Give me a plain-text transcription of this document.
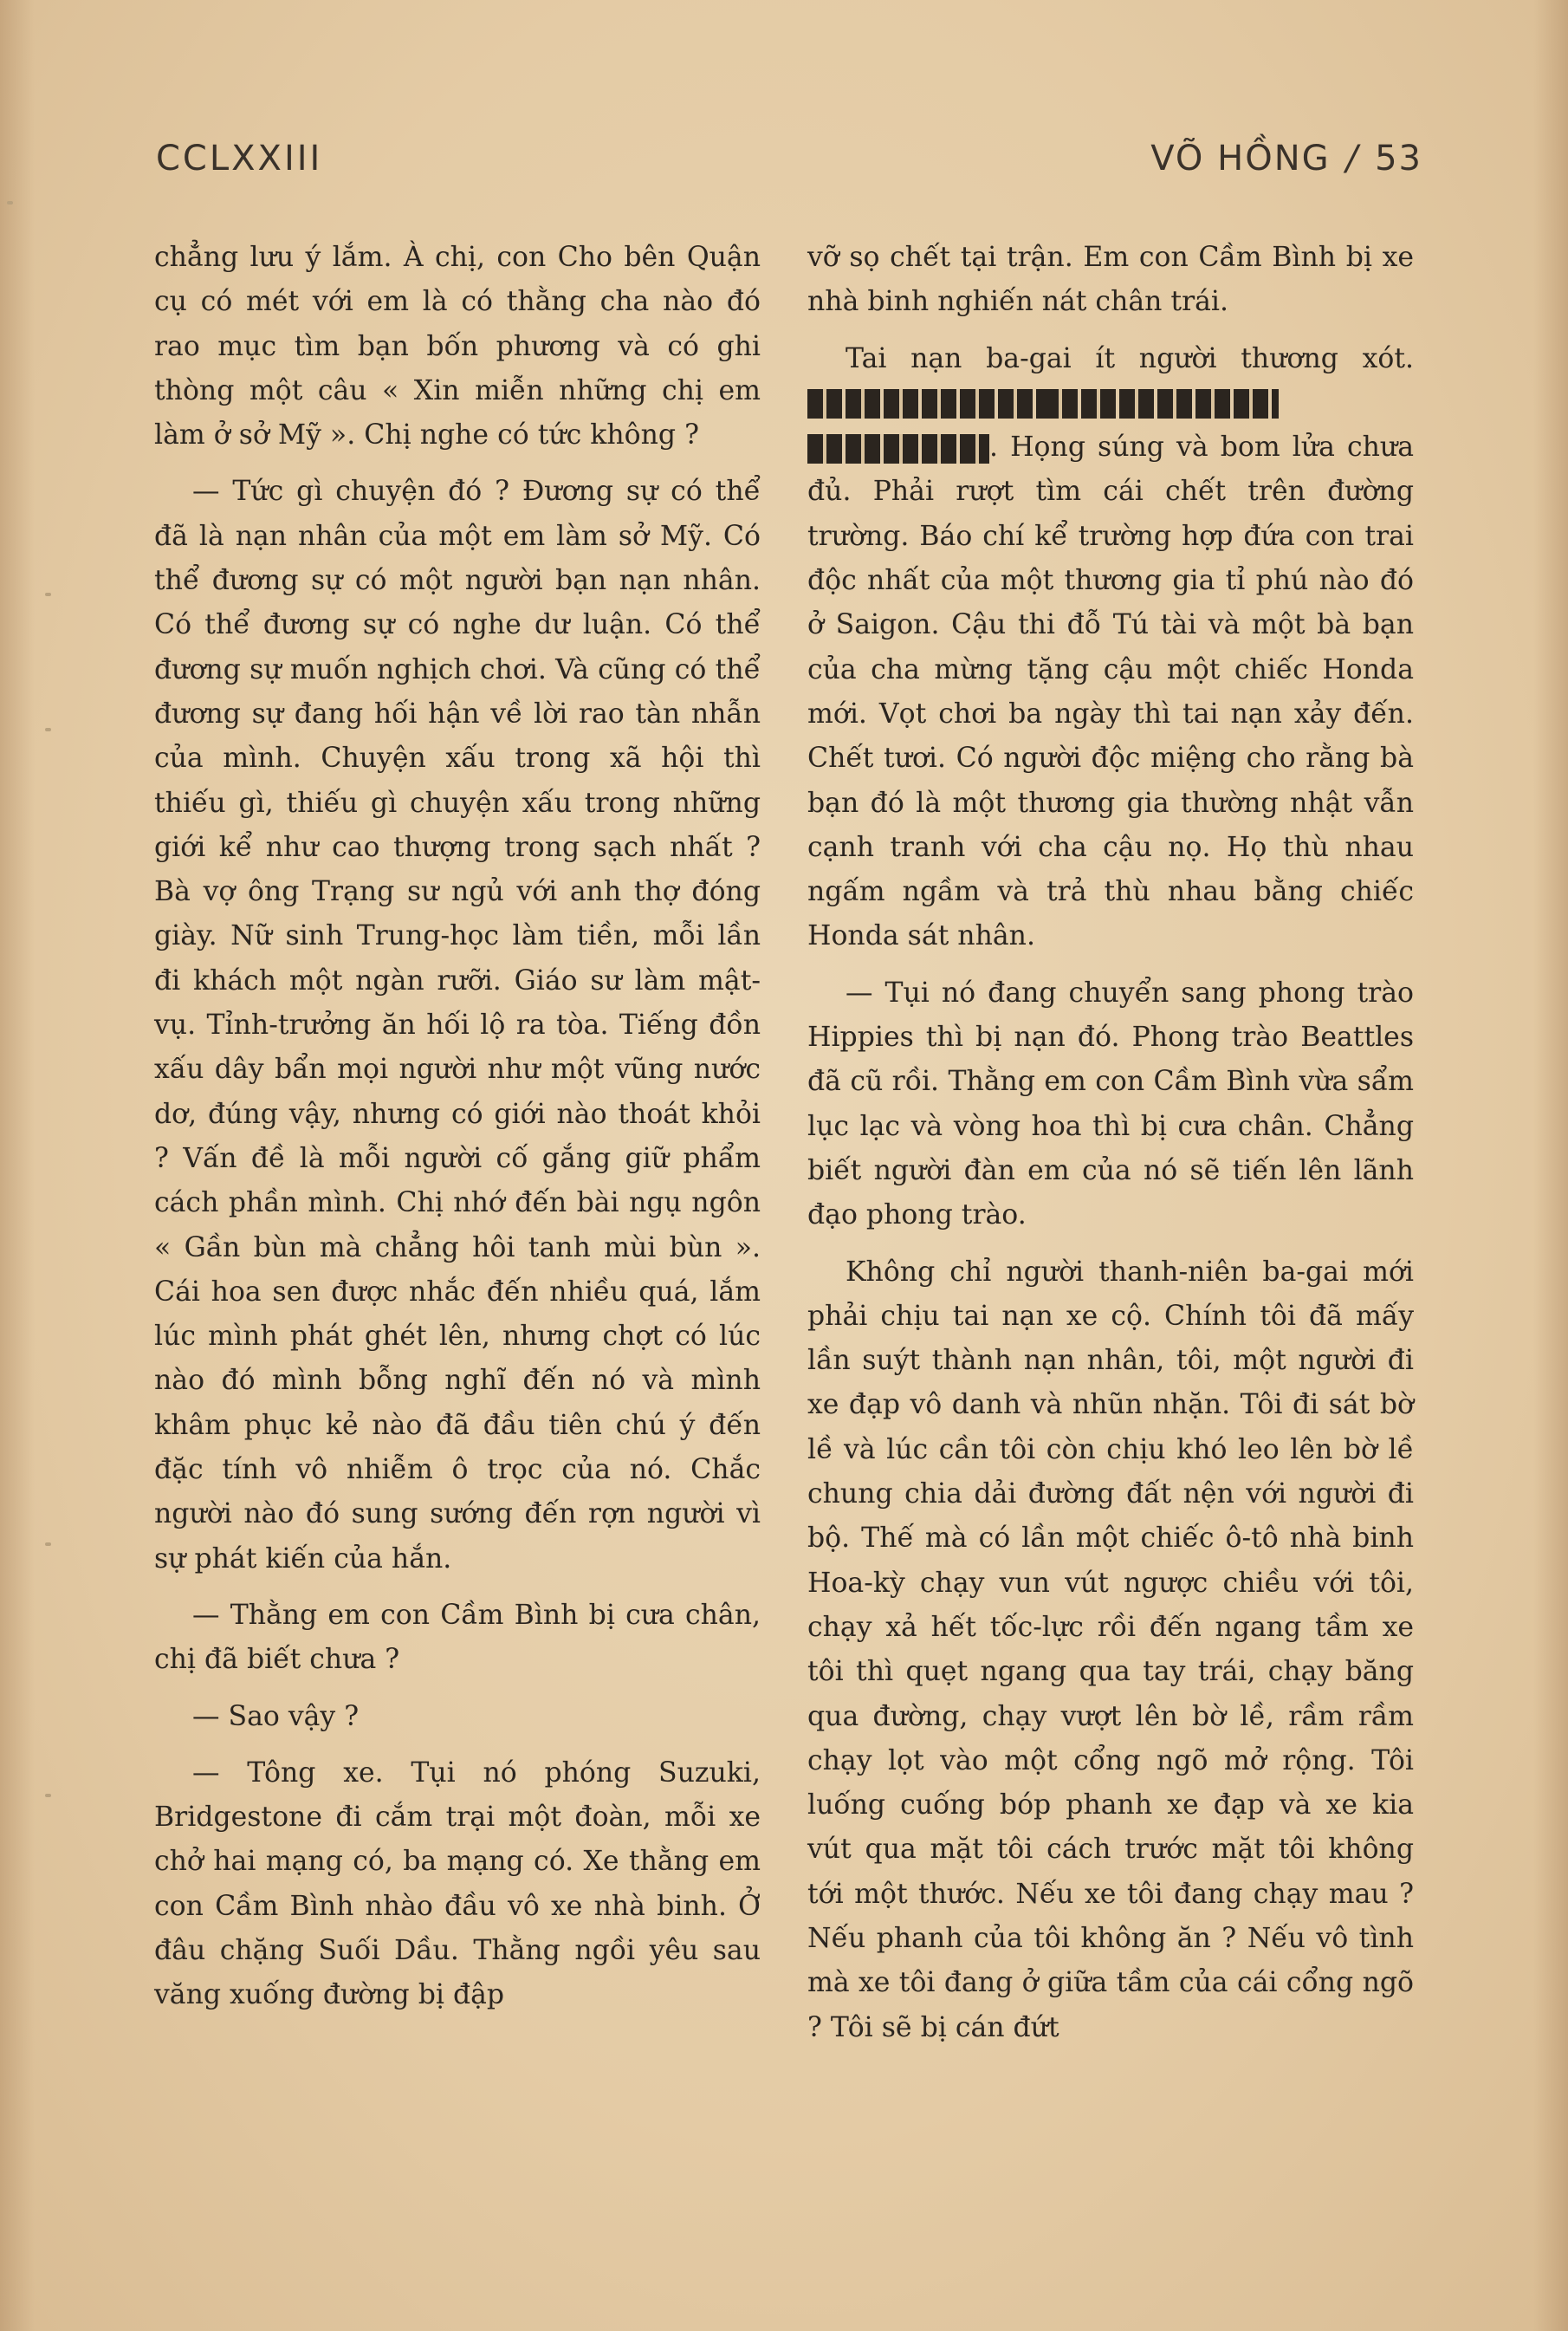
CCLXXIII	VÕ HỒNG / 53

chẳng lưu ý lắm. À chị, con Cho bên Quận cụ có mét với em là có thằng cha nào đó rao mục tìm bạn bốn phương và có ghi thòng một câu « Xin miễn những chị em làm ở sở Mỹ ». Chị nghe có tức không ?

— Tức gì chuyện đó ? Đương sự có thể đã là nạn nhân của một em làm sở Mỹ. Có thể đương sự có một người bạn nạn nhân. Có thể đương sự có nghe dư luận. Có thể đương sự muốn nghịch chơi. Và cũng có thể đương sự đang hối hận về lời rao tàn nhẫn của mình. Chuyện xấu trong xã hội thì thiếu gì, thiếu gì chuyện xấu trong những giới kể như cao thượng trong sạch nhất ? Bà vợ ông Trạng sư ngủ với anh thợ đóng giày. Nữ sinh Trung-học làm tiền, mỗi lần đi khách một ngàn rưỡi. Giáo sư làm mật-vụ. Tỉnh-trưởng ăn hối lộ ra tòa. Tiếng đồn xấu dây bẩn mọi người như một vũng nước dơ, đúng vậy, nhưng có giới nào thoát khỏi ? Vấn đề là mỗi người cố gắng giữ phẩm cách phần mình. Chị nhớ đến bài ngụ ngôn « Gần bùn mà chẳng hôi tanh mùi bùn ». Cái hoa sen được nhắc đến nhiều quá, lắm lúc mình phát ghét lên, nhưng chợt có lúc nào đó mình bỗng nghĩ đến nó và mình khâm phục kẻ nào đã đầu tiên chú ý đến đặc tính vô nhiễm ô trọc của nó. Chắc người nào đó sung sướng đến rợn người vì sự phát kiến của hắn.

— Thằng em con Cầm Bình bị cưa chân, chị đã biết chưa ?

— Sao vậy ?

— Tông xe. Tụi nó phóng Suzuki, Bridgestone đi cắm trại một đoàn, mỗi xe chở hai mạng có, ba mạng có. Xe thằng em con Cầm Bình nhào đầu vô xe nhà binh. Ở đâu chặng Suối Dầu. Thằng ngồi yêu sau văng xuống đường bị đập

vỡ sọ chết tại trận. Em con Cầm Bình bị xe nhà binh nghiến nát chân trái.

Tai nạn ba-gai ít người thương xót. . Họng súng và bom lửa chưa đủ. Phải rượt tìm cái chết trên đường trường. Báo chí kể trường hợp đứa con trai độc nhất của một thương gia tỉ phú nào đó ở Saigon. Cậu thi đỗ Tú tài và một bà bạn của cha mừng tặng cậu một chiếc Honda mới. Vọt chơi ba ngày thì tai nạn xảy đến. Chết tươi. Có người độc miệng cho rằng bà bạn đó là một thương gia thường nhật vẫn cạnh tranh với cha cậu nọ. Họ thù nhau ngấm ngầm và trả thù nhau bằng chiếc Honda sát nhân.

— Tụi nó đang chuyển sang phong trào Hippies thì bị nạn đó. Phong trào Beattles đã cũ rồi. Thằng em con Cầm Bình vừa sẩm lục lạc và vòng hoa thì bị cưa chân. Chẳng biết người đàn em của nó sẽ tiến lên lãnh đạo phong trào.

Không chỉ người thanh-niên ba-gai mới phải chịu tai nạn xe cộ. Chính tôi đã mấy lần suýt thành nạn nhân, tôi, một người đi xe đạp vô danh và nhũn nhặn. Tôi đi sát bờ lề và lúc cần tôi còn chịu khó leo lên bờ lề chung chia dải đường đất nện với người đi bộ. Thế mà có lần một chiếc ô-tô nhà binh Hoa-kỳ chạy vun vút ngược chiều với tôi, chạy xả hết tốc-lực rồi đến ngang tầm xe tôi thì quẹt ngang qua tay trái, chạy băng qua đường, chạy vượt lên bờ lề, rầm rầm chạy lọt vào một cổng ngõ mở rộng. Tôi luống cuống bóp phanh xe đạp và xe kia vút qua mặt tôi cách trước mặt tôi không tới một thước. Nếu xe tôi đang chạy mau ? Nếu phanh của tôi không ăn ? Nếu vô tình mà xe tôi đang ở giữa tầm của cái cổng ngõ ? Tôi sẽ bị cán đứt
